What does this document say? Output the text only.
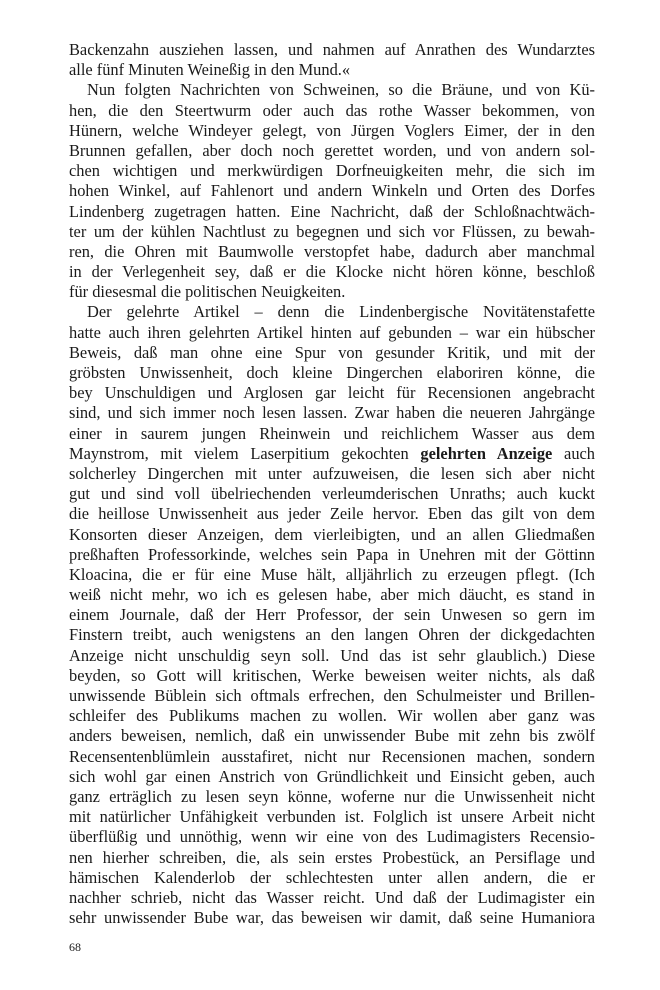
Backenzahn ausziehen lassen, und nahmen auf Anrathen des Wundarztes
alle fünf Minuten Weineßig in den Mund.«
Nun folgten Nachrichten von Schweinen, so die Bräune, und von Kü-
hen, die den Steertwurm oder auch das rothe Wasser bekommen, von
Hünern, welche Windeyer gelegt, von Jürgen Voglers Eimer, der in den
Brunnen gefallen, aber doch noch gerettet worden, und von andern sol-
chen wichtigen und merkwürdigen Dorfneuigkeiten mehr, die sich im
hohen Winkel, auf Fahlenort und andern Winkeln und Orten des Dorfes
Lindenberg zugetragen hatten. Eine Nachricht, daß der Schloßnachtwäch-
ter um der kühlen Nachtlust zu begegnen und sich vor Flüssen, zu bewah-
ren, die Ohren mit Baumwolle verstopfet habe, dadurch aber manchmal
in der Verlegenheit sey, daß er die Klocke nicht hören könne, beschloß
für diesesmal die politischen Neuigkeiten.
Der gelehrte Artikel – denn die Lindenbergische Novitätenstafette
hatte auch ihren gelehrten Artikel hinten auf gebunden – war ein hübscher
Beweis, daß man ohne eine Spur von gesunder Kritik, und mit der
gröbsten Unwissenheit, doch kleine Dingerchen elaboriren könne, die
bey Unschuldigen und Arglosen gar leicht für Recensionen angebracht
sind, und sich immer noch lesen lassen. Zwar haben die neueren Jahrgänge
einer in saurem jungen Rheinwein und reichlichem Wasser aus dem
Maynstrom, mit vielem Laserpitium gekochten gelehrten Anzeige auch
solcherley Dingerchen mit unter aufzuweisen, die lesen sich aber nicht
gut und sind voll übelriechenden verleumderischen Unraths; auch kuckt
die heillose Unwissenheit aus jeder Zeile hervor. Eben das gilt von dem
Konsorten dieser Anzeigen, dem vierleibigten, und an allen Gliedmaßen
preßhaften Professorkinde, welches sein Papa in Unehren mit der Göttinn
Kloacina, die er für eine Muse hält, alljährlich zu erzeugen pflegt. (Ich
weiß nicht mehr, wo ich es gelesen habe, aber mich däucht, es stand in
einem Journale, daß der Herr Professor, der sein Unwesen so gern im
Finstern treibt, auch wenigstens an den langen Ohren der dickgedachten
Anzeige nicht unschuldig seyn soll. Und das ist sehr glaublich.) Diese
beyden, so Gott will kritischen, Werke beweisen weiter nichts, als daß
unwissende Büblein sich oftmals erfrechen, den Schulmeister und Brillen-
schleifer des Publikums machen zu wollen. Wir wollen aber ganz was
anders beweisen, nemlich, daß ein unwissender Bube mit zehn bis zwölf
Recensentenblümlein ausstafiret, nicht nur Recensionen machen, sondern
sich wohl gar einen Anstrich von Gründlichkeit und Einsicht geben, auch
ganz erträglich zu lesen seyn könne, woferne nur die Unwissenheit nicht
mit natürlicher Unfähigkeit verbunden ist. Folglich ist unsere Arbeit nicht
überflüßig und unnöthig, wenn wir eine von des Ludimagisters Recensio-
nen hierher schreiben, die, als sein erstes Probestück, an Persiflage und
hämischen Kalenderlob der schlechtesten unter allen andern, die er
nachher schrieb, nicht das Wasser reicht. Und daß der Ludimagister ein
sehr unwissender Bube war, das beweisen wir damit, daß seine Humaniora
68
